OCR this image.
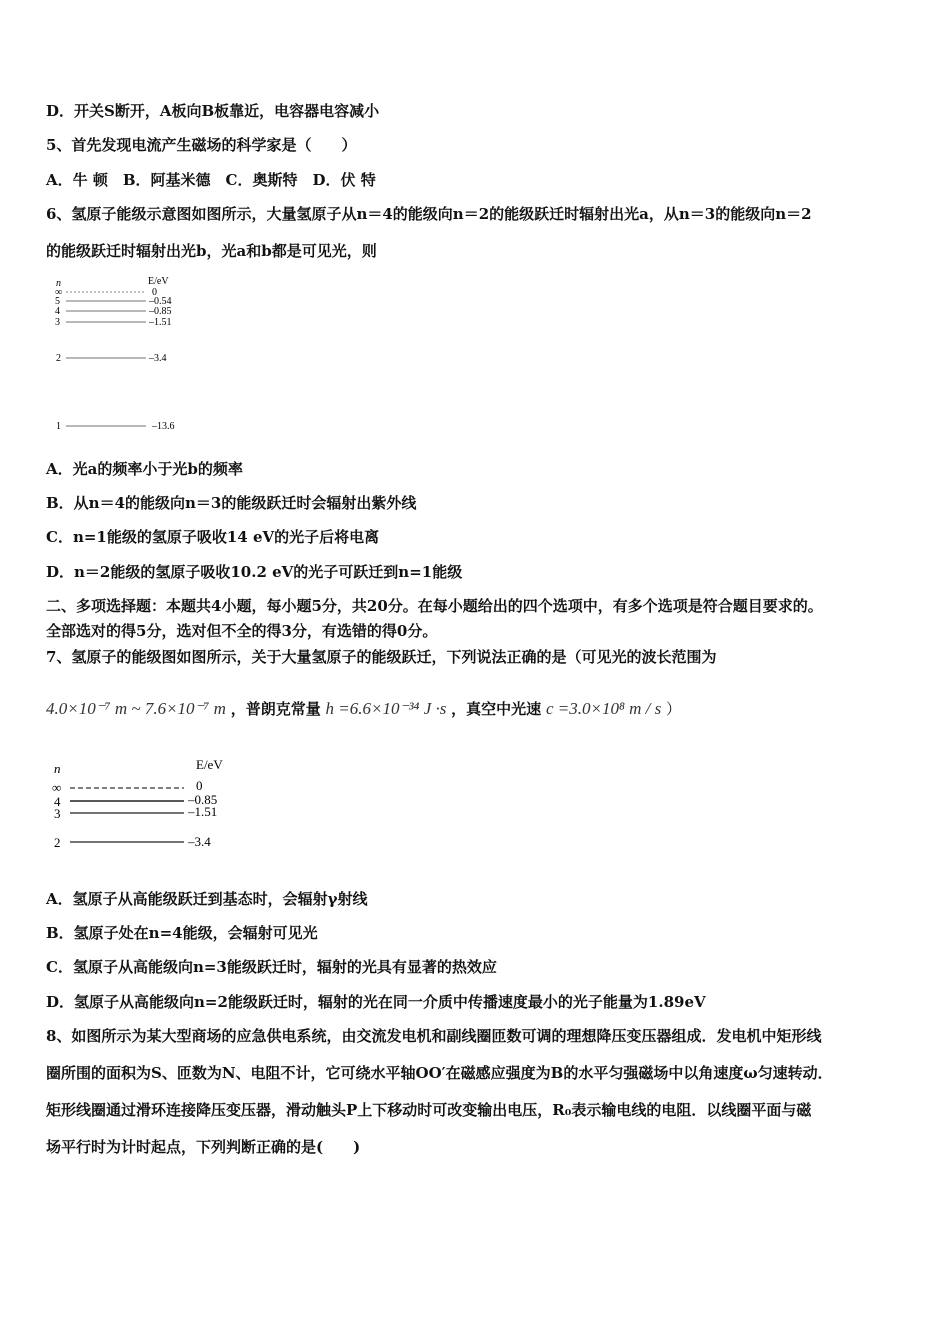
D．开关S断开，A板向B板靠近，电容器电容减小
5、首先发现电流产生磁场的科学家是（　　）
A．牛 顿　B．阿基米德　C．奥斯特　D．伏 特
6、氢原子能级示意图如图所示，大量氢原子从n＝4的能级向n＝2的能级跃迁时辐射出光a，从n＝3的能级向n＝2
的能级跃迁时辐射出光b，光a和b都是可见光，则
n	E/eV
∞
5
4
3
2
1
0
–0.54
–0.85
–1.51
–3.4
–13.6
A．光a的频率小于光b的频率
B．从n＝4的能级向n＝3的能级跃迁时会辐射出紫外线
C．n=1能级的氢原子吸收14 eV的光子后将电离
D．n＝2能级的氢原子吸收10.2 eV的光子可跃迁到n=1能级
二、多项选择题：本题共4小题，每小题5分，共20分。在每小题给出的四个选项中，有多个选项是符合题目要求的。
全部选对的得5分，选对但不全的得3分，有选错的得0分。
7、氢原子的能级图如图所示，关于大量氢原子的能级跃迁，下列说法正确的是（可见光的波长范围为
4.0×10⁻⁷ m ~ 7.6×10⁻⁷ m ，普朗克常量 h =6.6×10⁻³⁴ J ·s ，真空中光速 c =3.0×10⁸ m / s ）
n	E/eV
∞
4
3
2
0
–0.85
–1.51
–3.4
A．氢原子从高能级跃迁到基态时，会辐射γ射线
B．氢原子处在n=4能级，会辐射可见光
C．氢原子从高能级向n=3能级跃迁时，辐射的光具有显著的热效应
D．氢原子从高能级向n=2能级跃迁时，辐射的光在同一介质中传播速度最小的光子能量为1.89eV
8、如图所示为某大型商场的应急供电系统，由交流发电机和副线圈匝数可调的理想降压变压器组成．发电机中矩形线
圈所围的面积为S、匝数为N、电阻不计，它可绕水平轴OO′在磁感应强度为B的水平匀强磁场中以角速度ω匀速转动．
矩形线圈通过滑环连接降压变压器，滑动触头P上下移动时可改变输出电压，R₀表示输电线的电阻．以线圈平面与磁
场平行时为计时起点，下列判断正确的是(　　)
